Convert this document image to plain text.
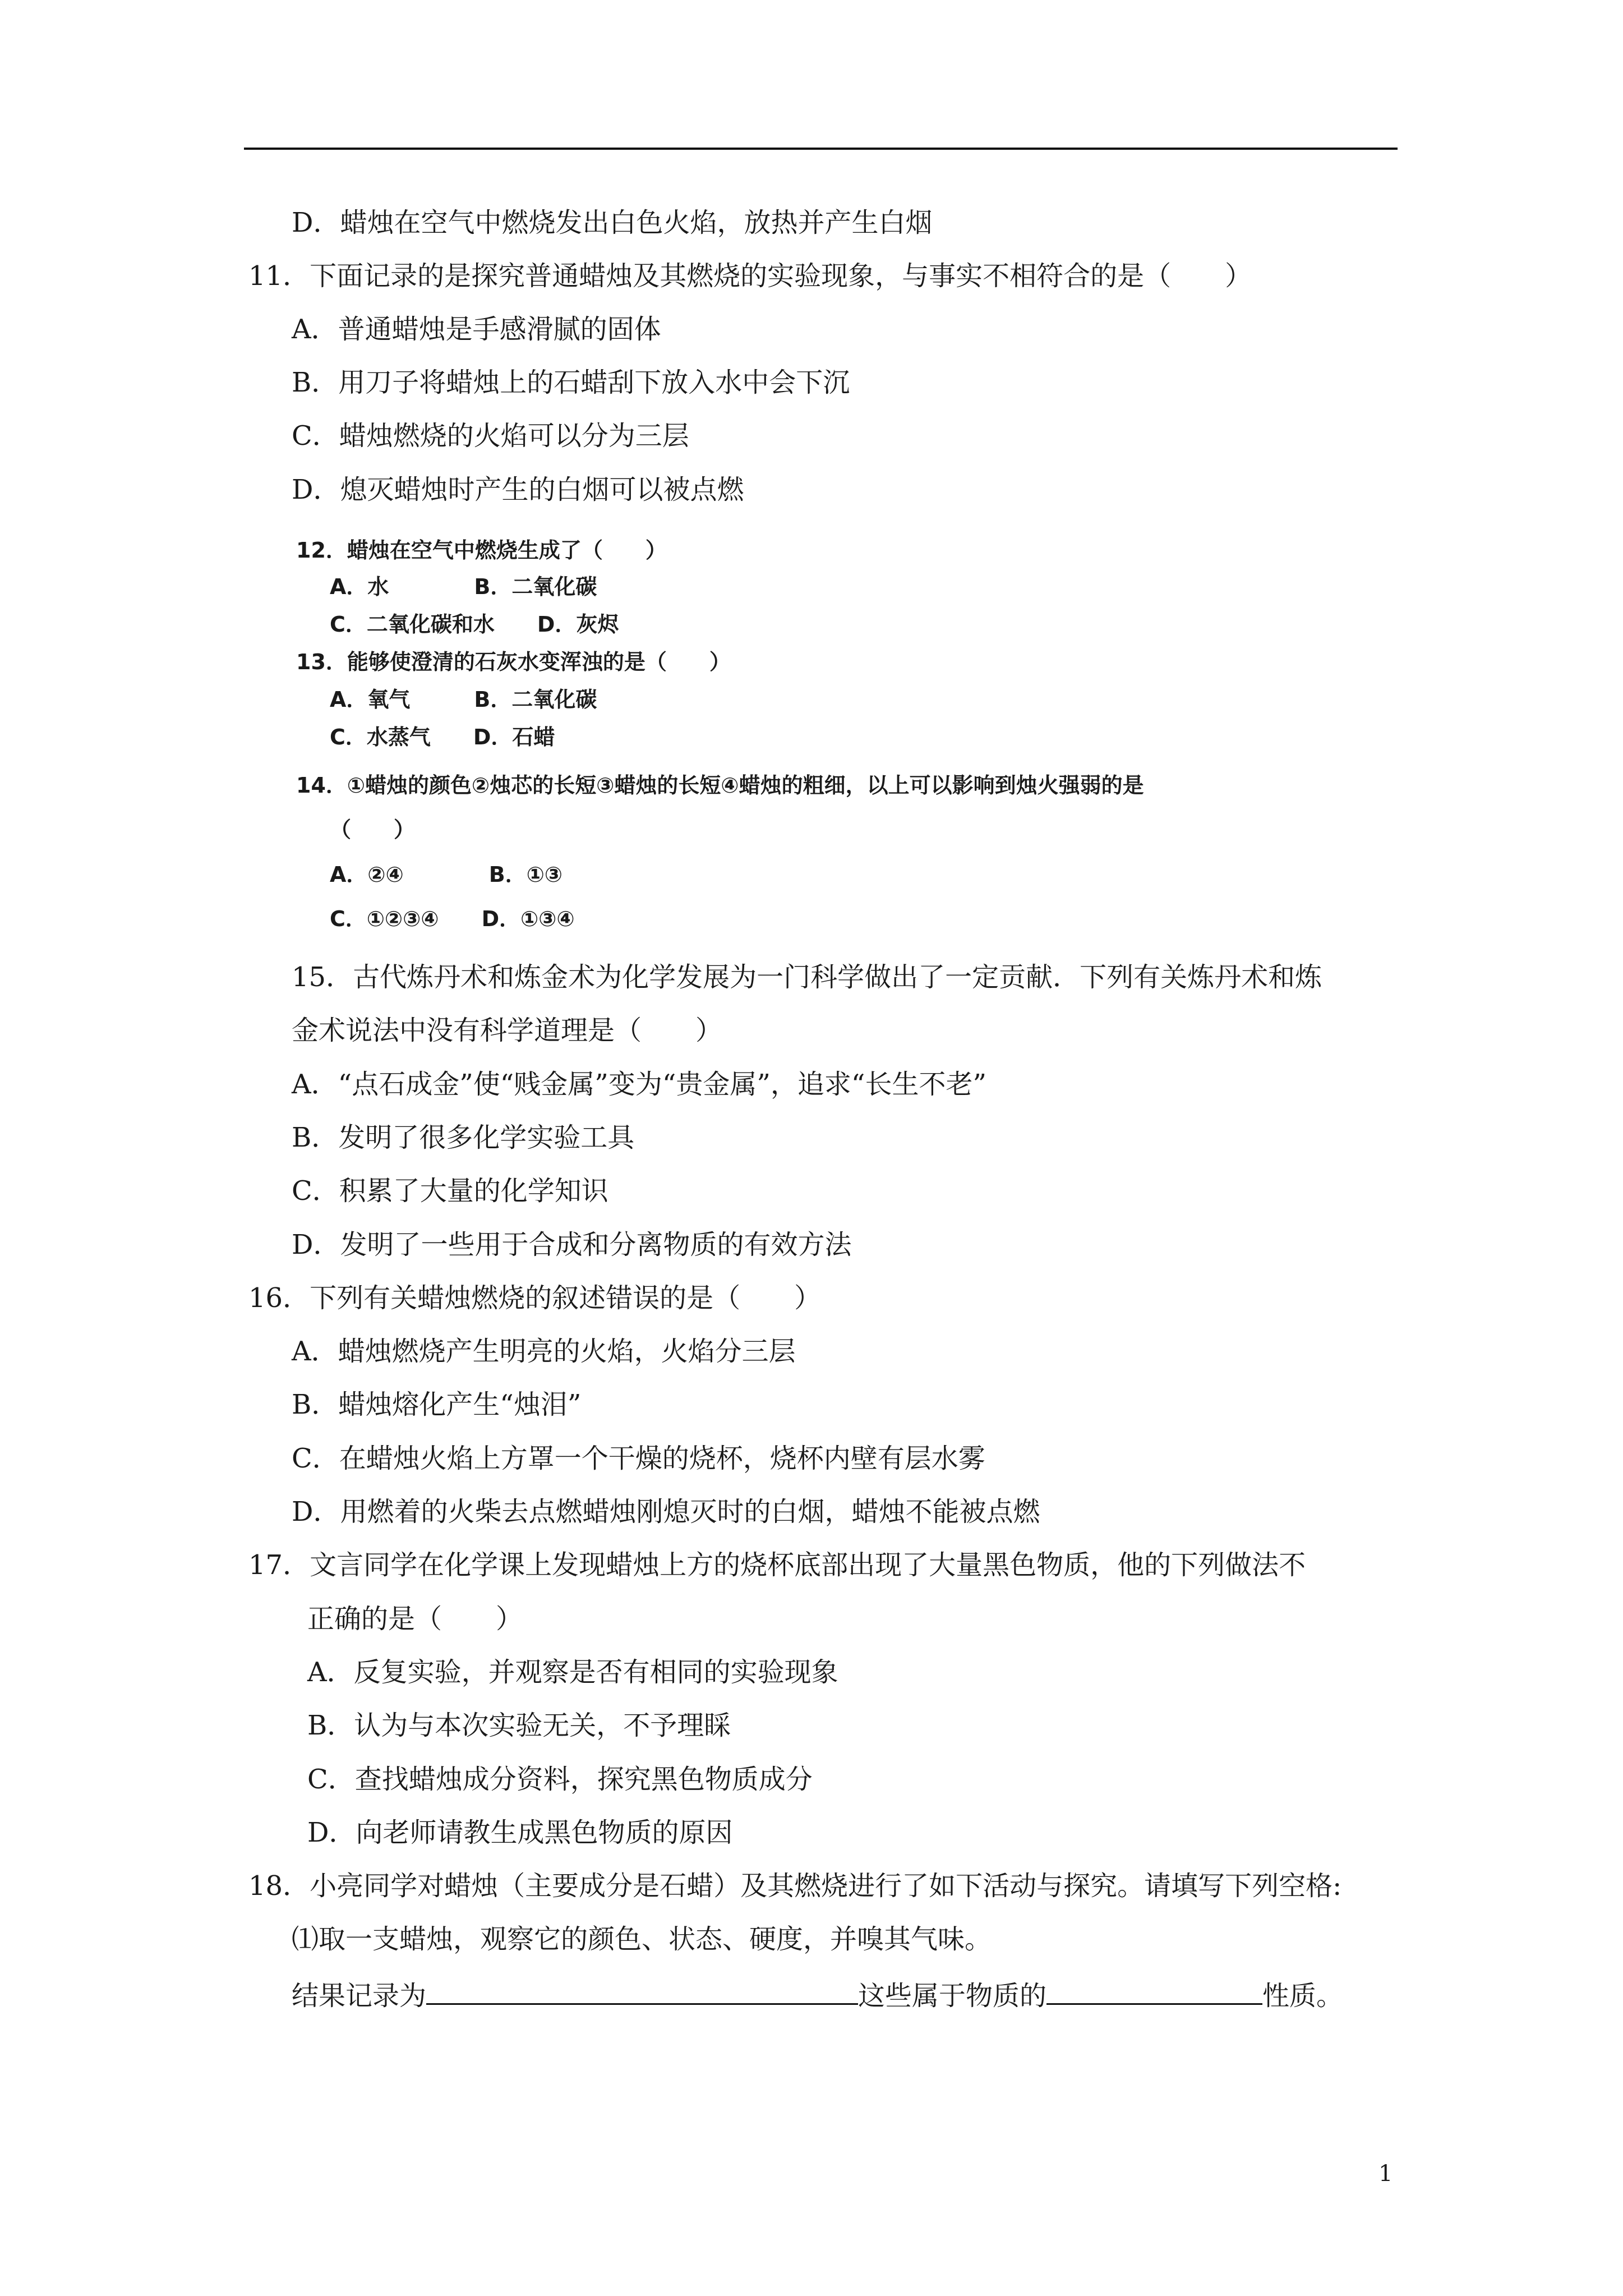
D．蜡烛在空气中燃烧发出白色火焰，放热并产生白烟
11．下面记录的是探究普通蜡烛及其燃烧的实验现象，与事实不相符合的是（　　）
A．普通蜡烛是手感滑腻的固体
B．用刀子将蜡烛上的石蜡刮下放入水中会下沉
C．蜡烛燃烧的火焰可以分为三层
D．熄灭蜡烛时产生的白烟可以被点燃
12．蜡烛在空气中燃烧生成了（　　）
A．水　　　　B．二氧化碳
C．二氧化碳和水　　D．灰烬
13．能够使澄清的石灰水变浑浊的是（　　）
A．氧气　　　B．二氧化碳
C．水蒸气　　D．石蜡
14．①蜡烛的颜色②烛芯的长短③蜡烛的长短④蜡烛的粗细，以上可以影响到烛火强弱的是
（　　）
A．②④　　　　B．①③
C．①②③④　　D．①③④
15．古代炼丹术和炼金术为化学发展为一门科学做出了一定贡献．下列有关炼丹术和炼
金术说法中没有科学道理是（　　）
A．“点石成金”使“贱金属”变为“贵金属”，追求“长生不老”
B．发明了很多化学实验工具
C．积累了大量的化学知识
D．发明了一些用于合成和分离物质的有效方法
16．下列有关蜡烛燃烧的叙述错误的是（　　）
A．蜡烛燃烧产生明亮的火焰，火焰分三层
B．蜡烛熔化产生“烛泪”
C．在蜡烛火焰上方罩一个干燥的烧杯，烧杯内壁有层水雾
D．用燃着的火柴去点燃蜡烛刚熄灭时的白烟，蜡烛不能被点燃
17．文言同学在化学课上发现蜡烛上方的烧杯底部出现了大量黑色物质，他的下列做法不
正确的是（　　）
A．反复实验，并观察是否有相同的实验现象
B．认为与本次实验无关，不予理睬
C．查找蜡烛成分资料，探究黑色物质成分
D．向老师请教生成黑色物质的原因
18．小亮同学对蜡烛（主要成分是石蜡）及其燃烧进行了如下活动与探究。请填写下列空格:
⑴取一支蜡烛，观察它的颜色、状态、硬度，并嗅其气味。
结果记录为	这些属于物质的	性质。
1
